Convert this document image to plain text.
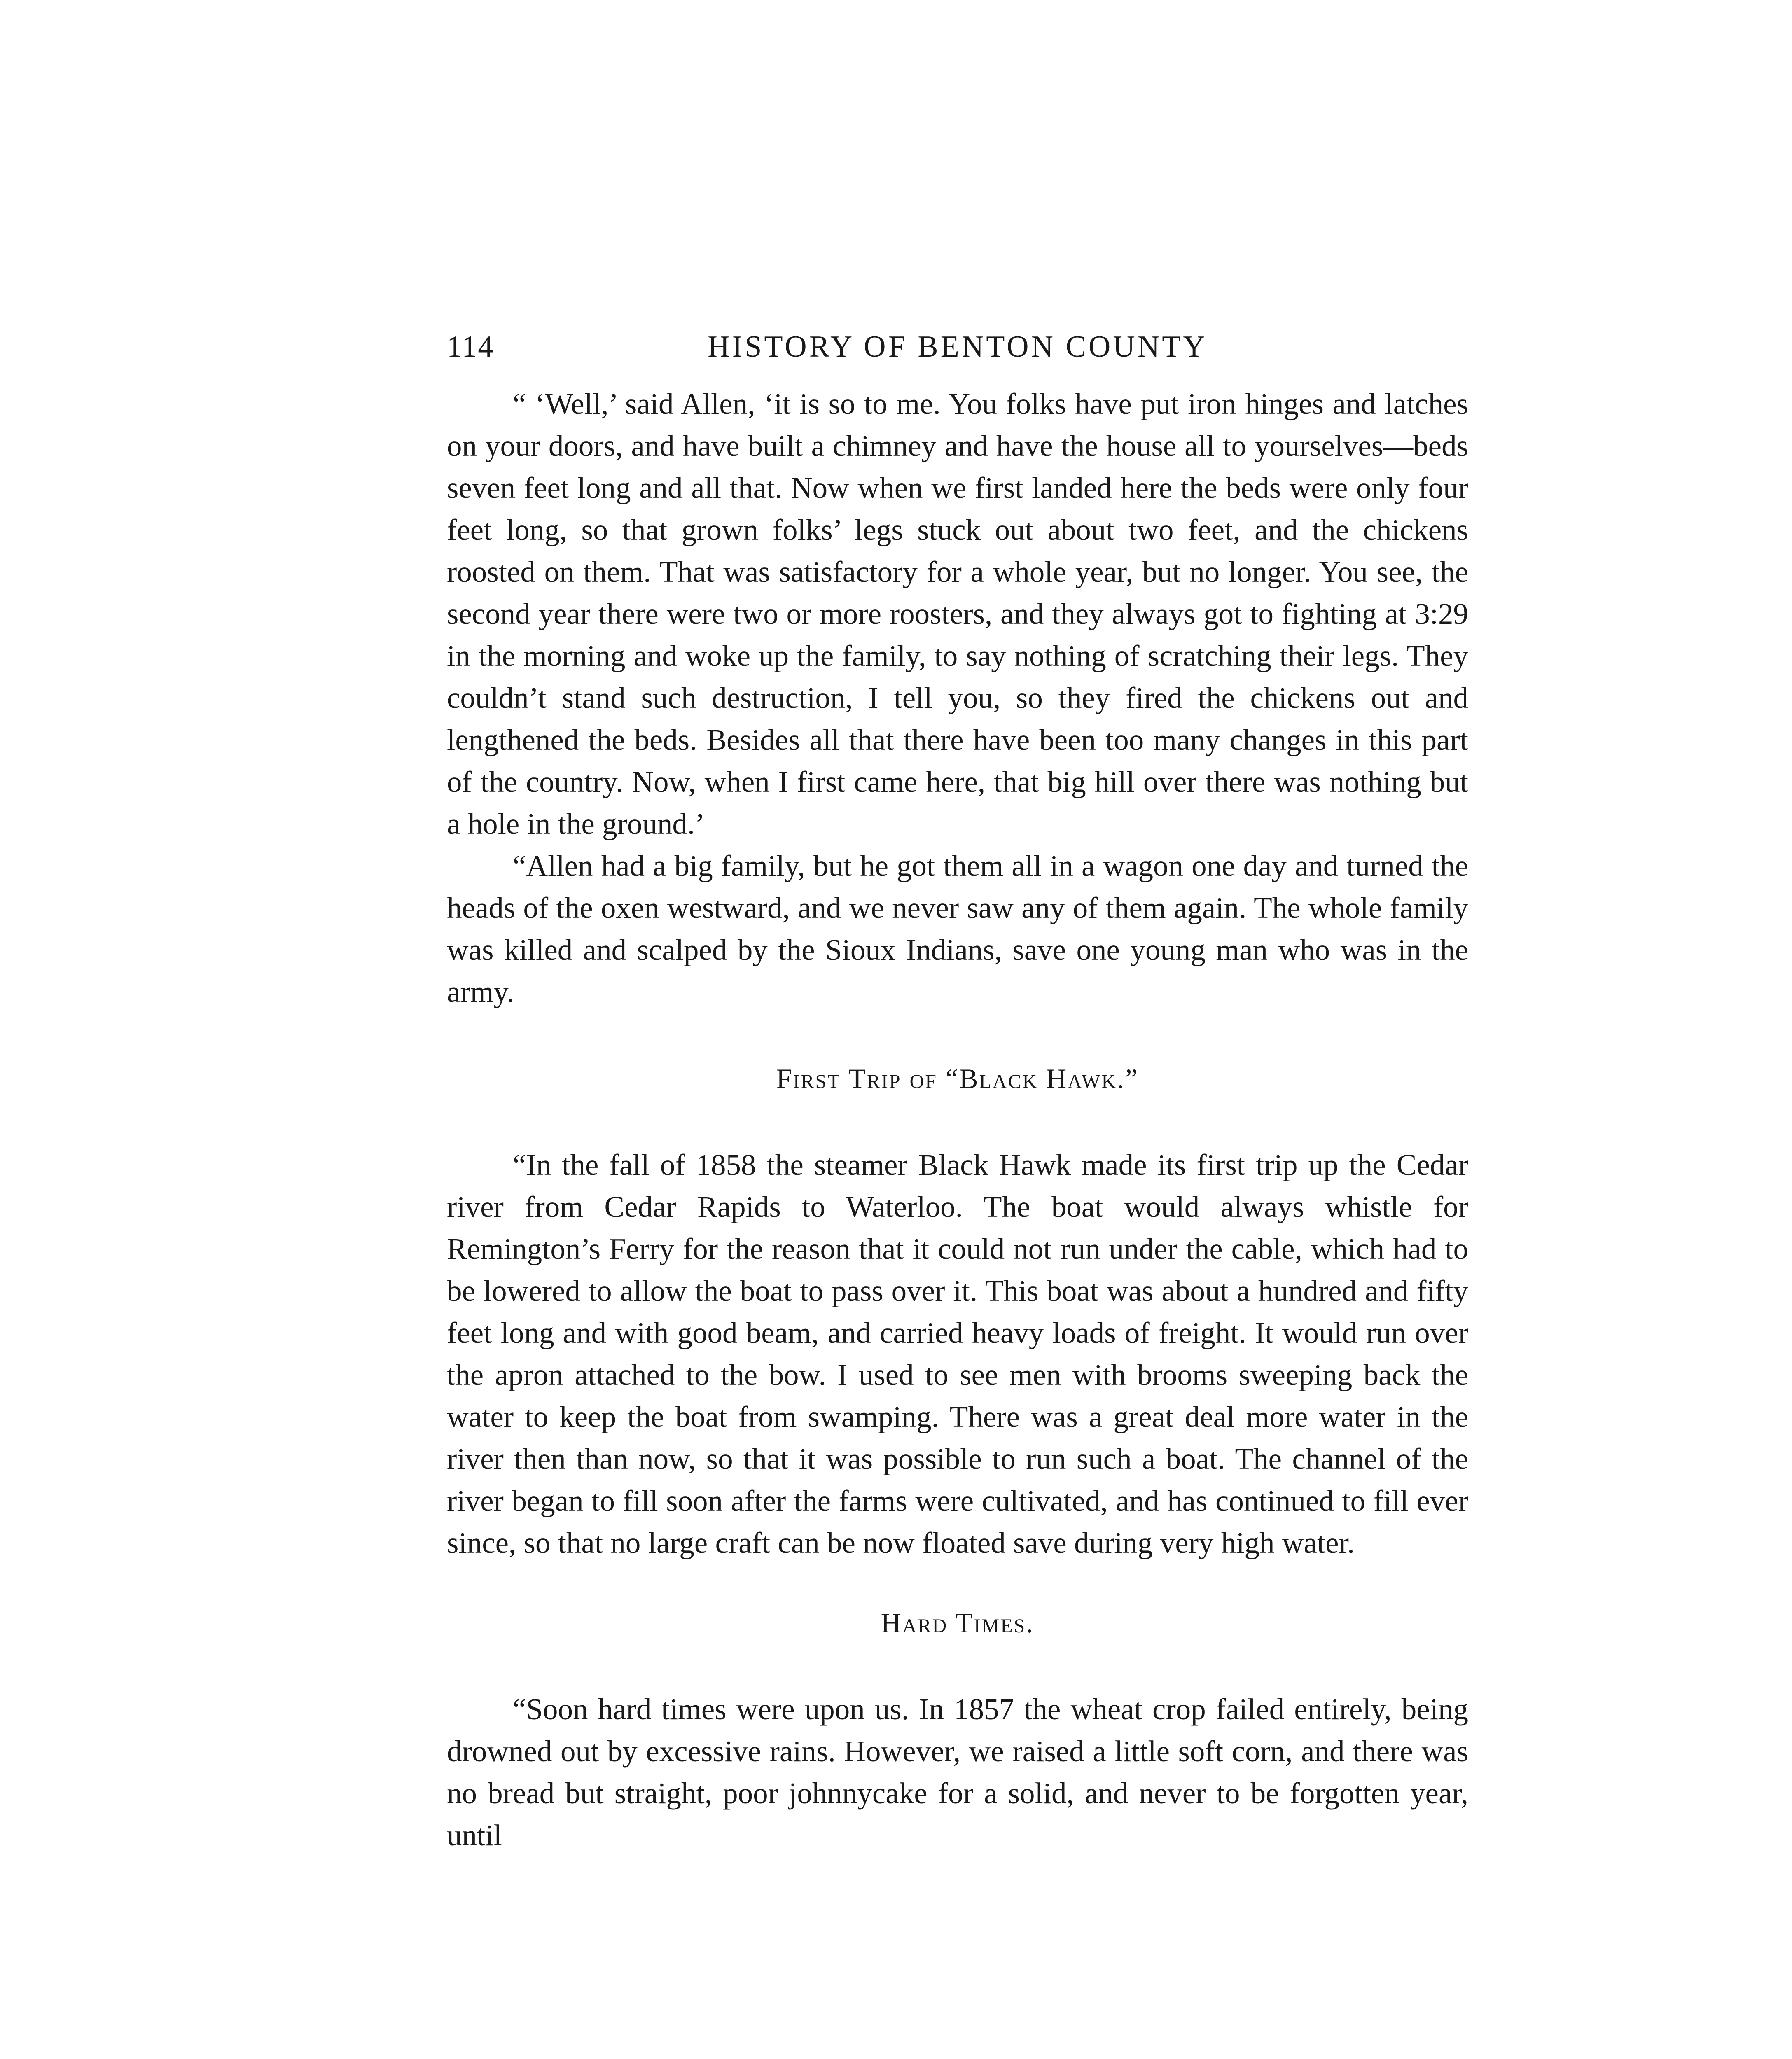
114	HISTORY OF BENTON COUNTY

“ ‘Well,’ said Allen, ‘it is so to me. You folks have put iron hinges and latches on your doors, and have built a chimney and have the house all to yourselves—beds seven feet long and all that. Now when we first landed here the beds were only four feet long, so that grown folks’ legs stuck out about two feet, and the chickens roosted on them. That was satisfactory for a whole year, but no longer. You see, the second year there were two or more roosters, and they always got to fighting at 3:29 in the morning and woke up the family, to say nothing of scratching their legs. They couldn’t stand such destruction, I tell you, so they fired the chickens out and lengthened the beds. Besides all that there have been too many changes in this part of the country. Now, when I first came here, that big hill over there was nothing but a hole in the ground.’

“Allen had a big family, but he got them all in a wagon one day and turned the heads of the oxen westward, and we never saw any of them again. The whole family was killed and scalped by the Sioux Indians, save one young man who was in the army.

First Trip of “Black Hawk.”

“In the fall of 1858 the steamer Black Hawk made its first trip up the Cedar river from Cedar Rapids to Waterloo. The boat would always whistle for Remington’s Ferry for the reason that it could not run under the cable, which had to be lowered to allow the boat to pass over it. This boat was about a hundred and fifty feet long and with good beam, and carried heavy loads of freight. It would run over the apron attached to the bow. I used to see men with brooms sweeping back the water to keep the boat from swamping. There was a great deal more water in the river then than now, so that it was possible to run such a boat. The channel of the river began to fill soon after the farms were cultivated, and has continued to fill ever since, so that no large craft can be now floated save during very high water.

Hard Times.

“Soon hard times were upon us. In 1857 the wheat crop failed entirely, being drowned out by excessive rains. However, we raised a little soft corn, and there was no bread but straight, poor johnnycake for a solid, and never to be forgotten year, until
